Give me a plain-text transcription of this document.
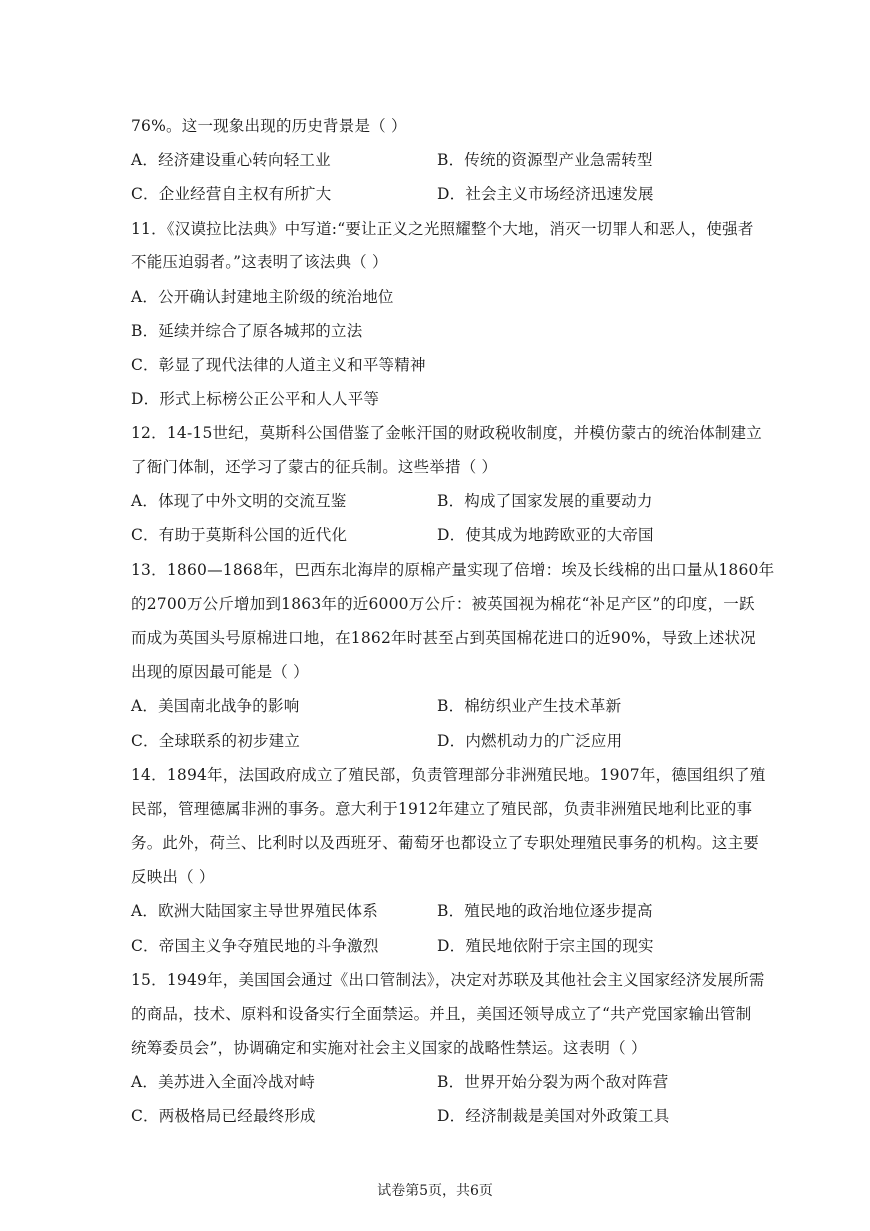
76%。这一现象出现的历史背景是（ ）
A．经济建设重心转向轻工业	B．传统的资源型产业急需转型
C．企业经营自主权有所扩大	D．社会主义市场经济迅速发展
11．《汉谟拉比法典》中写道:“要让正义之光照耀整个大地，消灭一切罪人和恶人，使强者
不能压迫弱者。”这表明了该法典（ ）
A．公开确认封建地主阶级的统治地位
B．延续并综合了原各城邦的立法
C．彰显了现代法律的人道主义和平等精神
D．形式上标榜公正公平和人人平等
12．14-15世纪，莫斯科公国借鉴了金帐汗国的财政税收制度，并模仿蒙古的统治体制建立
了衙门体制，还学习了蒙古的征兵制。这些举措（ ）
A．体现了中外文明的交流互鉴	B．构成了国家发展的重要动力
C．有助于莫斯科公国的近代化	D．使其成为地跨欧亚的大帝国
13．1860—1868年，巴西东北海岸的原棉产量实现了倍增：埃及长线棉的出口量从1860年
的2700万公斤增加到1863年的近6000万公斤：被英国视为棉花“补足产区”的印度，一跃
而成为英国头号原棉进口地，在1862年时甚至占到英国棉花进口的近90%，导致上述状况
出现的原因最可能是（ ）
A．美国南北战争的影响	B．棉纺织业产生技术革新
C．全球联系的初步建立	D．内燃机动力的广泛应用
14．1894年，法国政府成立了殖民部，负责管理部分非洲殖民地。1907年，德国组织了殖
民部，管理德属非洲的事务。意大利于1912年建立了殖民部，负责非洲殖民地利比亚的事
务。此外，荷兰、比利时以及西班牙、葡萄牙也都设立了专职处理殖民事务的机构。这主要
反映出（ ）
A．欧洲大陆国家主导世界殖民体系	B．殖民地的政治地位逐步提高
C．帝国主义争夺殖民地的斗争激烈	D．殖民地依附于宗主国的现实
15．1949年，美国国会通过《出口管制法》，决定对苏联及其他社会主义国家经济发展所需
的商品，技术、原料和设备实行全面禁运。并且，美国还领导成立了“共产党国家输出管制
统筹委员会”，协调确定和实施对社会主义国家的战略性禁运。这表明（ ）
A．美苏进入全面冷战对峙	B．世界开始分裂为两个敌对阵营
C．两极格局已经最终形成	D．经济制裁是美国对外政策工具
试卷第5页，共6页
